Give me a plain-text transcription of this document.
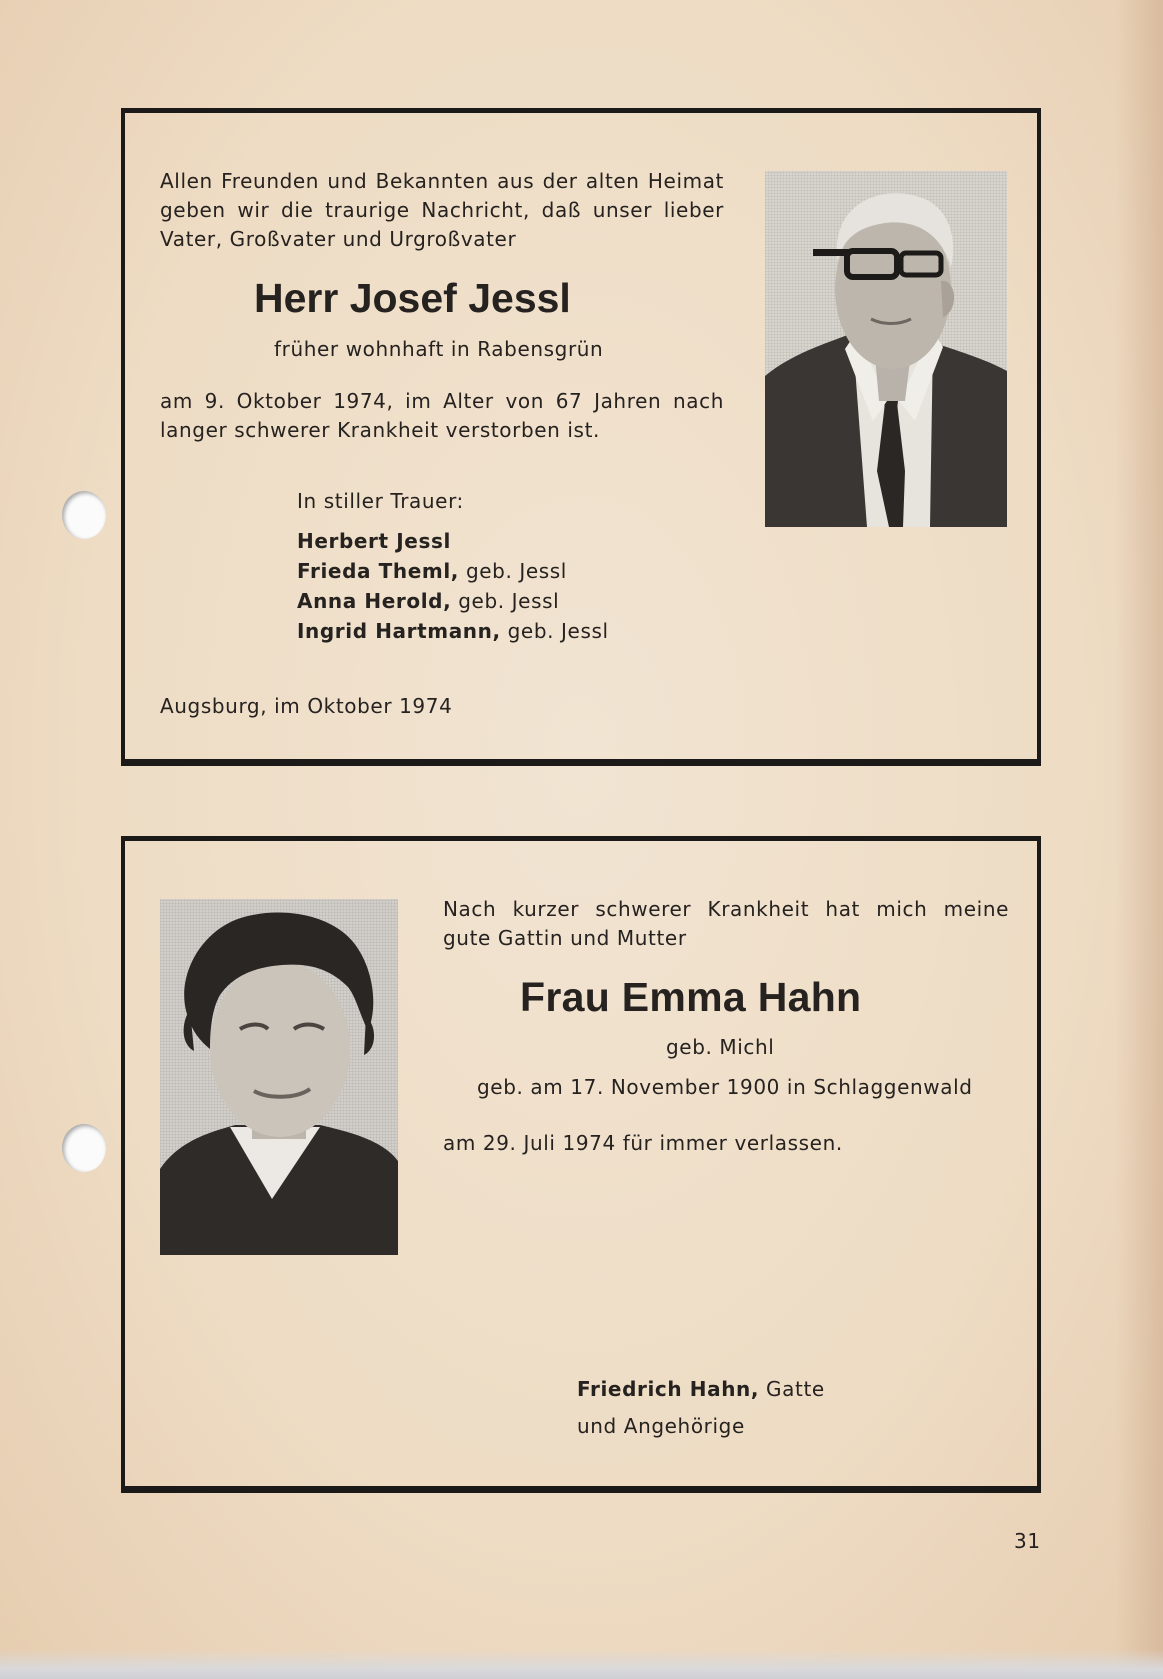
Allen Freunden und Bekannten aus der alten Heimat
geben wir die traurige Nachricht, daß unser lieber
Vater, Großvater und Urgroßvater
Herr Josef Jessl
früher wohnhaft in Rabensgrün
am 9. Oktober 1974, im Alter von 67 Jahren nach
langer schwerer Krankheit verstorben ist.
In stiller Trauer:
Herbert Jessl
Frieda Theml, geb. Jessl
Anna Herold, geb. Jessl
Ingrid Hartmann, geb. Jessl
Augsburg, im Oktober 1974
Nach kurzer schwerer Krankheit hat mich meine
gute Gattin und Mutter
Frau Emma Hahn
geb. Michl
geb. am 17. November 1900 in Schlaggenwald
am 29. Juli 1974 für immer verlassen.
Friedrich Hahn, Gatte
und Angehörige
31
